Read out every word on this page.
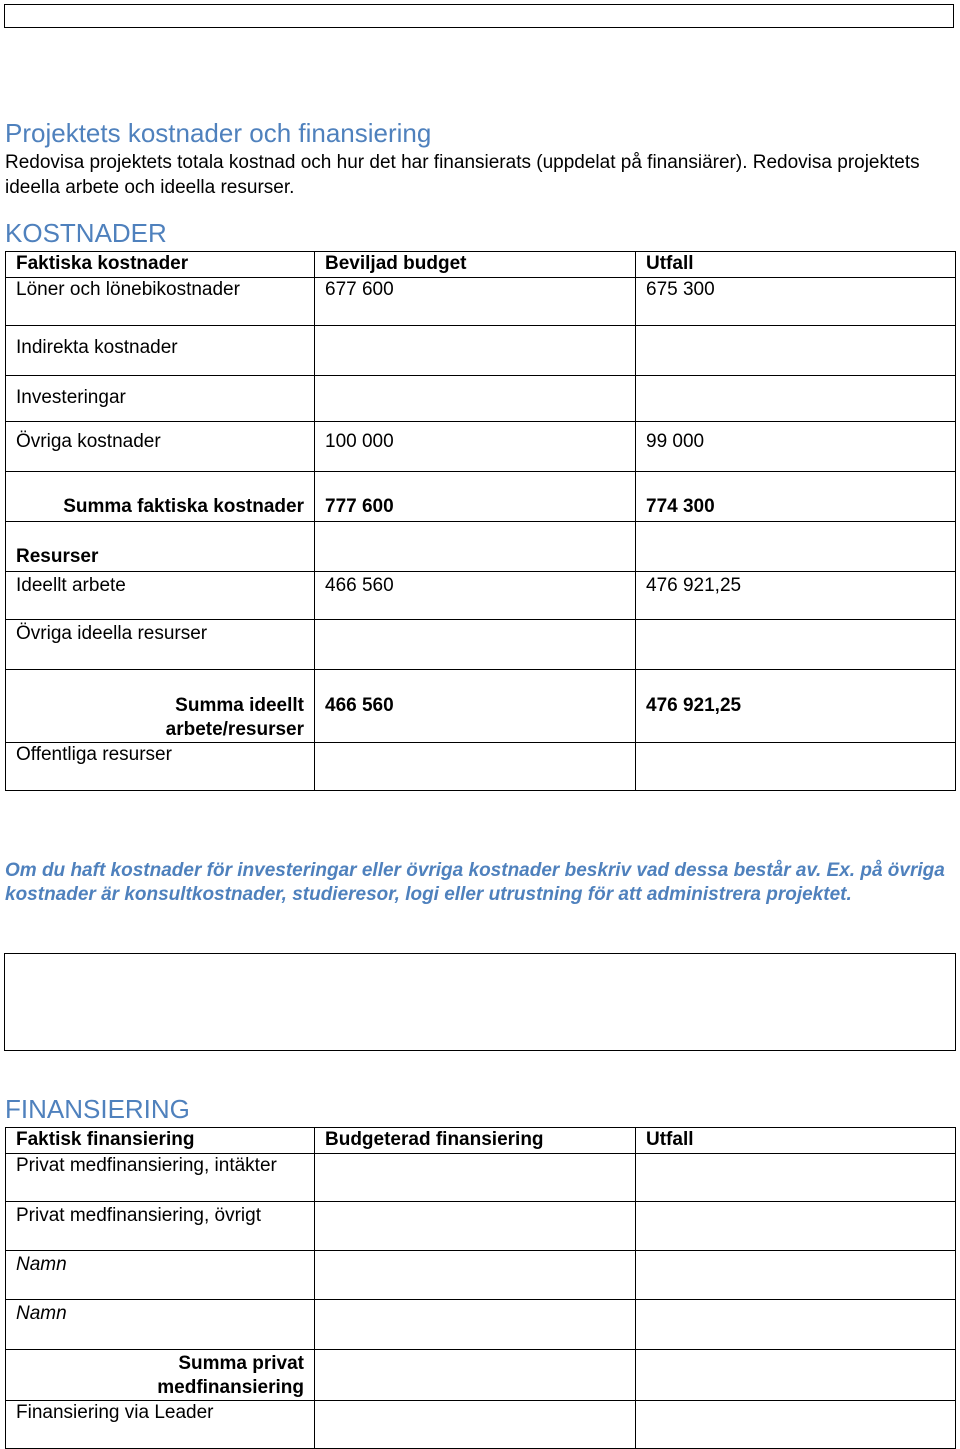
Projektets kostnader och finansiering
Redovisa projektets totala kostnad och hur det har finansierats (uppdelat på finansiärer). Redovisa projektets ideella arbete och ideella resurser.
KOSTNADER
Faktiska kostnader	Beviljad budget	Utfall
Löner och lönebikostnader	677 600	675 300
Indirekta kostnader		
Investeringar		
Övriga kostnader	100 000	99 000
Summa faktiska kostnader	777 600	774 300
Resurser		
Ideellt arbete	466 560	476 921,25
Övriga ideella resurser		
Summa ideellt arbete/resurser	466 560	476 921,25
Offentliga resurser		
Om du haft kostnader för investeringar eller övriga kostnader beskriv vad dessa består av. Ex. på övriga kostnader är konsultkostnader, studieresor, logi eller utrustning för att administrera projektet.
FINANSIERING
Faktisk finansiering	Budgeterad finansiering	Utfall
Privat medfinansiering, intäkter		
Privat medfinansiering, övrigt		
Namn		
Namn		
Summa privat medfinansiering		
Finansiering via Leader		
